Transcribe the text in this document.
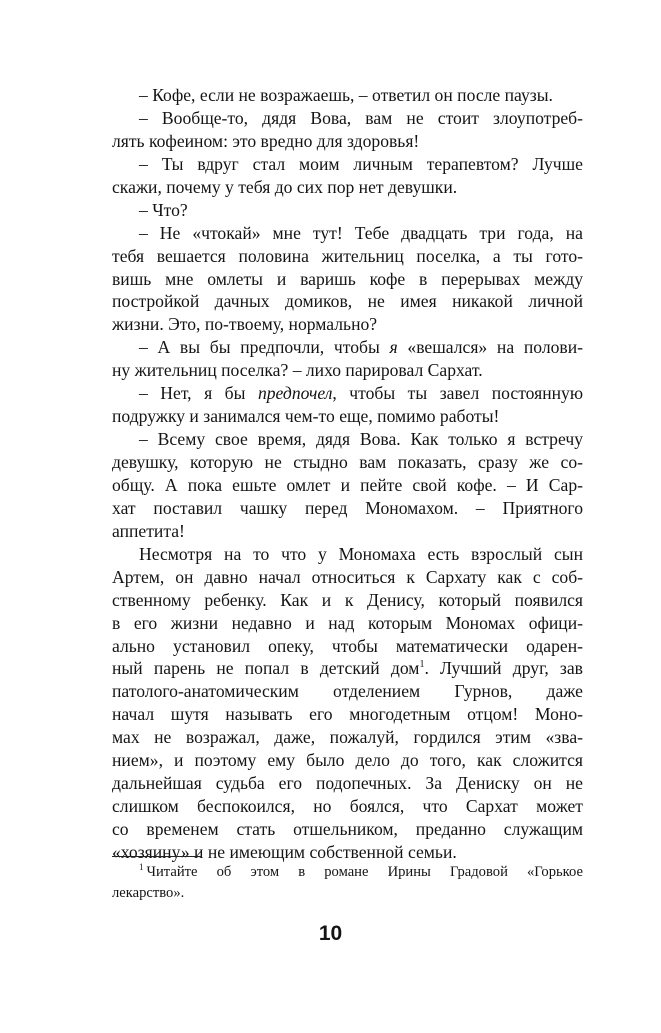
– Кофе, если не возражаешь, – ответил он после паузы.
– Вообще-то, дядя Вова, вам не стоит злоупотреб-
лять кофеином: это вредно для здоровья!
– Ты вдруг стал моим личным терапевтом? Лучше
скажи, почему у тебя до сих пор нет девушки.
– Что?
– Не «чтокай» мне тут! Тебе двадцать три года, на
тебя вешается половина жительниц поселка, а ты гото-
вишь мне омлеты и варишь кофе в перерывах между
постройкой дачных домиков, не имея никакой личной
жизни. Это, по-твоему, нормально?
– А вы бы предпочли, чтобы я «вешался» на полови-
ну жительниц поселка? – лихо парировал Сархат.
– Нет, я бы предпочел, чтобы ты завел постоянную
подружку и занимался чем-то еще, помимо работы!
– Всему свое время, дядя Вова. Как только я встречу
девушку, которую не стыдно вам показать, сразу же со-
общу. А пока ешьте омлет и пейте свой кофе. – И Сар-
хат поставил чашку перед Мономахом. – Приятного
аппетита!
Несмотря на то что у Мономаха есть взрослый сын
Артем, он давно начал относиться к Сархату как с соб-
ственному ребенку. Как и к Денису, который появился
в его жизни недавно и над которым Мономах офици-
ально установил опеку, чтобы математически одарен-
ный парень не попал в детский дом$^1$. Лучший друг, зав
патолого-анатомическим отделением Гурнов, даже
начал шутя называть его многодетным отцом! Моно-
мах не возражал, даже, пожалуй, гордился этим «зва-
нием», и поэтому ему было дело до того, как сложится
дальнейшая судьба его подопечных. За Дениску он не
слишком беспокоился, но боялся, что Сархат может
со временем стать отшельником, преданно служащим
«хозяину» и не имеющим собственной семьи.
$^1$ Читайте об этом в романе Ирины Градовой «Горькое
лекарство».
10
